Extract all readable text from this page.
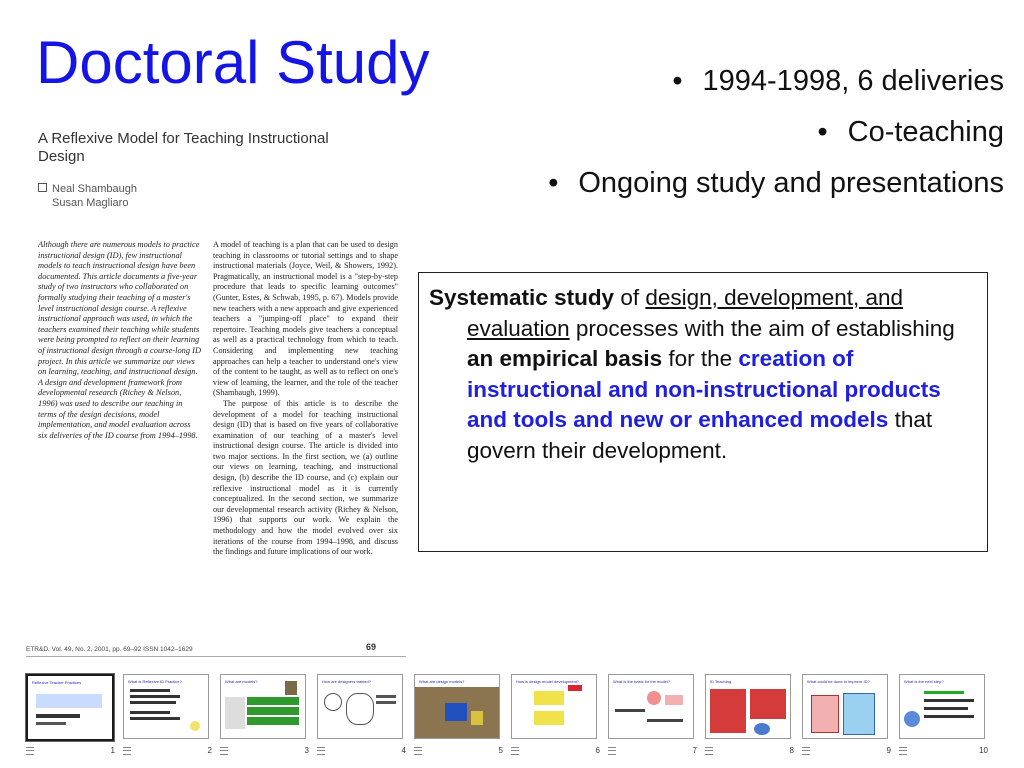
Doctoral Study	• 1994-1998, 6 deliveries
• Co-teaching
• Ongoing study and presentations
A Reflexive Model for Teaching Instructional Design
Neal Shambaugh
Susan Magliaro
Although there are numerous models to practice instructional design (ID), few instructional models to teach instructional design have been documented. This article documents a five-year study of two instructors who collaborated on formally studying their teaching of a master's level instructional design course. A reflexive instructional approach was used, in which the teachers examined their teaching while students were being prompted to reflect on their learning of instructional design through a course-long ID project. In this article we summarize our views on learning, teaching, and instructional design. A design and development framework from developmental research (Richey & Nelson, 1996) was used to describe our teaching in terms of the design decisions, model implementation, and model evaluation across six deliveries of the ID course from 1994–1998.

A model of teaching is a plan that can be used to design teaching in classrooms or tutorial settings and to shape instructional materials (Joyce, Weil, & Showers, 1992). Pragmatically, an instructional model is a "step-by-step procedure that leads to specific learning outcomes" (Gunter, Estes, & Schwab, 1995, p. 67). Models provide new teachers with a new approach and give experienced teachers a "jumping-off place" to expand their repertoire. Teaching models give teachers a conceptual as well as a practical technology from which to teach. Considering and implementing new teaching approaches can help a teacher to understand one's view of the content to be taught, as well as to reflect on one's view of learning, the learner, and the role of the teacher (Shambaugh, 1999).

The purpose of this article is to describe the development of a model for teaching instructional design (ID) that is based on five years of collaborative examination of our teaching of a master's level instructional design course. The article is divided into two major sections. In the first section, we (a) outline our views on learning, teaching, and instructional design, (b) describe the ID course, and (c) explain our reflexive instructional model as it is currently conceptualized. In the second section, we summarize our developmental research activity (Richey & Nelson, 1996) that supports our work. We explain the methodology and how the model evolved over six iterations of the course from 1994–1998, and discuss the findings and future implications of our work.

ETR&D, Vol. 49, No. 2, 2001, pp. 69–92 ISSN 1042–1629	69
Systematic study of design, development, and evaluation processes with the aim of establishing an empirical basis for the creation of instructional and non-instructional products and tools and new or enhanced models that govern their development.
Reflexive Teacher Practices
1
What is Reflexive ID Practice?
2
What are models?
3
How are designers trained?
4
What are design models?
5
How is design model development?
6
What is the basis for the model?
7
ID Teaching
8
What could be done to improve ID?
9
What is the next step?
10
